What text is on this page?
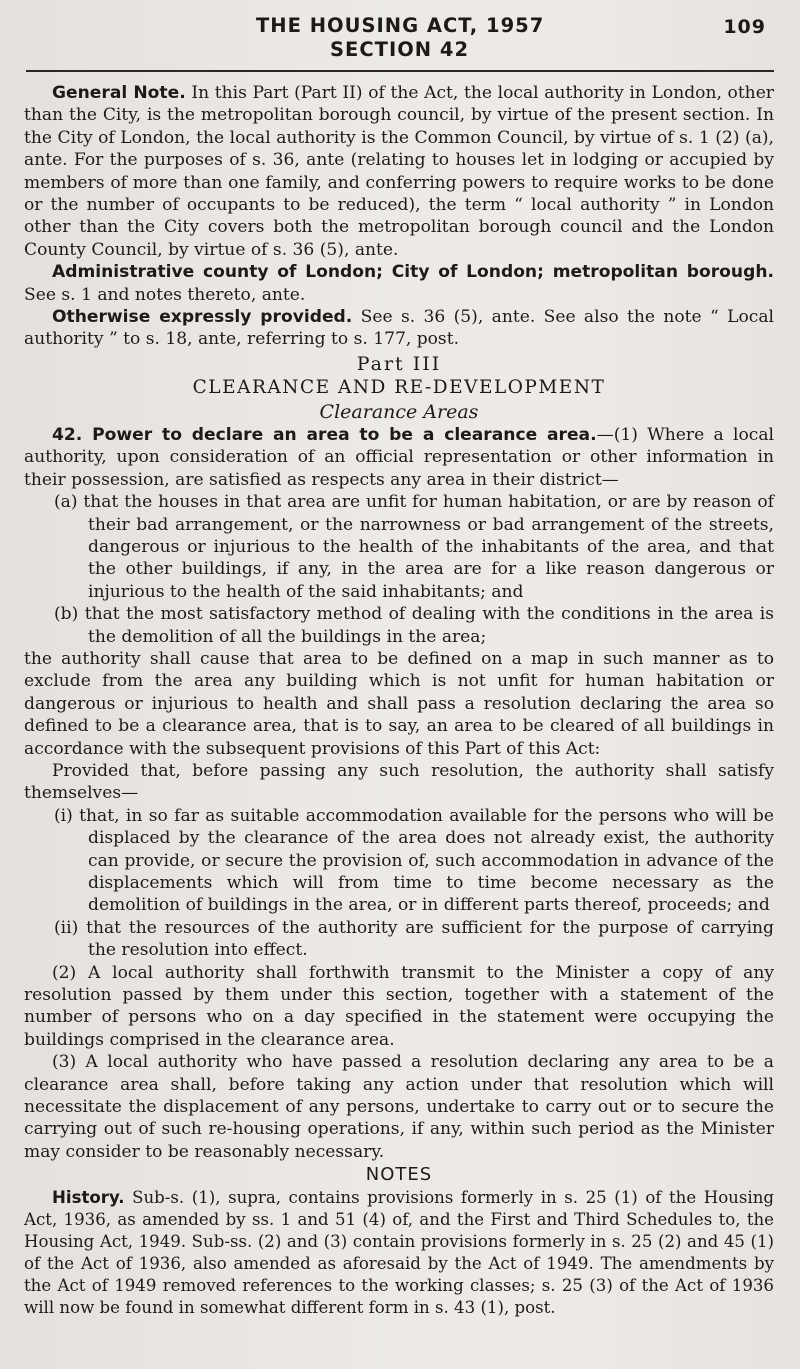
THE HOUSING ACT, 1957	109
SECTION 42

General Note. In this Part (Part II) of the Act, the local authority in London, other than the City, is the metropolitan borough council, by virtue of the present section. In the City of London, the local authority is the Common Council, by virtue of s. 1 (2) (a), ante. For the purposes of s. 36, ante (relating to houses let in lodging or accupied by members of more than one family, and conferring powers to require works to be done or the number of occupants to be reduced), the term “ local authority ” in London other than the City covers both the metropolitan borough council and the London County Council, by virtue of s. 36 (5), ante.

Administrative county of London; City of London; metropolitan borough. See s. 1 and notes thereto, ante.

Otherwise expressly provided. See s. 36 (5), ante. See also the note “ Local authority ” to s. 18, ante, referring to s. 177, post.

Part III

CLEARANCE AND RE-DEVELOPMENT

Clearance Areas

42. Power to declare an area to be a clearance area.—(1) Where a local authority, upon consideration of an official representation or other information in their possession, are satisfied as respects any area in their district—

(a) that the houses in that area are unfit for human habitation, or are by reason of their bad arrangement, or the narrowness or bad arrangement of the streets, dangerous or injurious to the health of the inhabitants of the area, and that the other buildings, if any, in the area are for a like reason dangerous or injurious to the health of the said inhabitants; and

(b) that the most satisfactory method of dealing with the conditions in the area is the demolition of all the buildings in the area;

the authority shall cause that area to be defined on a map in such manner as to exclude from the area any building which is not unfit for human habitation or dangerous or injurious to health and shall pass a resolution declaring the area so defined to be a clearance area, that is to say, an area to be cleared of all buildings in accordance with the subsequent provisions of this Part of this Act:

Provided that, before passing any such resolution, the authority shall satisfy themselves—

(i) that, in so far as suitable accommodation available for the persons who will be displaced by the clearance of the area does not already exist, the authority can provide, or secure the provision of, such accommodation in advance of the displacements which will from time to time become necessary as the demolition of buildings in the area, or in different parts thereof, proceeds; and

(ii) that the resources of the authority are sufficient for the purpose of carrying the resolution into effect.

(2) A local authority shall forthwith transmit to the Minister a copy of any resolution passed by them under this section, together with a statement of the number of persons who on a day specified in the statement were occupying the buildings comprised in the clearance area.

(3) A local authority who have passed a resolution declaring any area to be a clearance area shall, before taking any action under that resolution which will necessitate the displacement of any persons, undertake to carry out or to secure the carrying out of such re-housing operations, if any, within such period as the Minister may consider to be reasonably necessary.

NOTES

History. Sub-s. (1), supra, contains provisions formerly in s. 25 (1) of the Housing Act, 1936, as amended by ss. 1 and 51 (4) of, and the First and Third Schedules to, the Housing Act, 1949. Sub-ss. (2) and (3) contain provisions formerly in s. 25 (2) and 45 (1) of the Act of 1936, also amended as aforesaid by the Act of 1949. The amendments by the Act of 1949 removed references to the working classes; s. 25 (3) of the Act of 1936 will now be found in somewhat different form in s. 43 (1), post.
